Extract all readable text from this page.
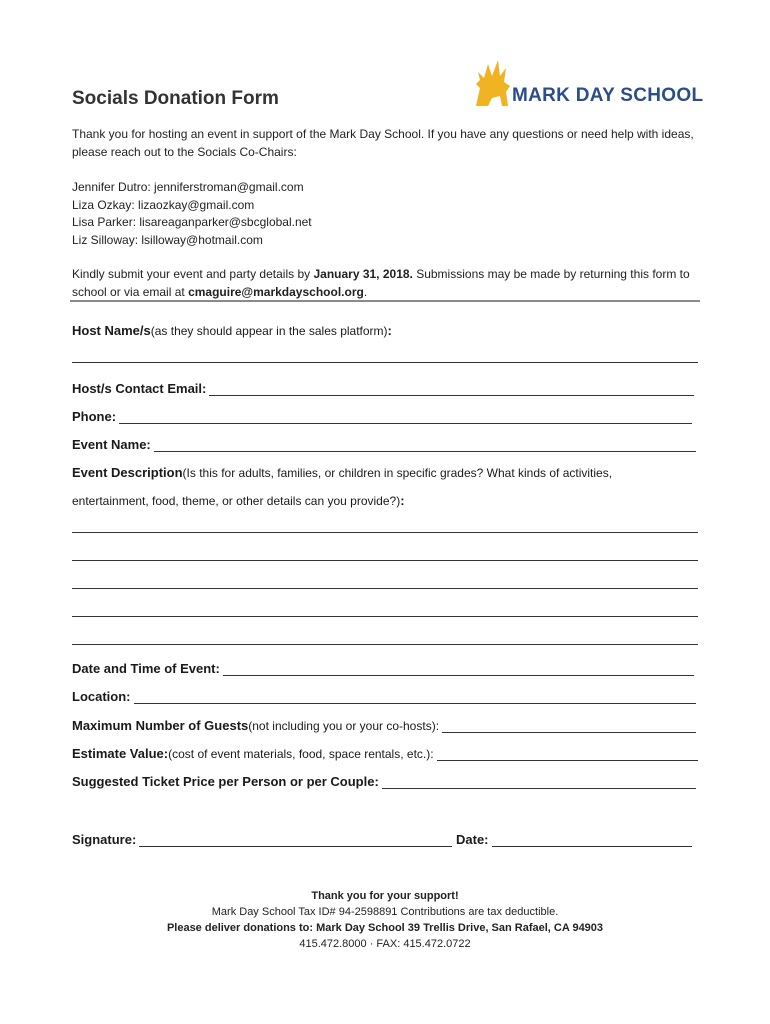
MARK DAY SCHOOL
Socials Donation Form
Thank you for hosting an event in support of the Mark Day School. If you have any questions or need help with ideas, please reach out to the Socials Co-Chairs:
Jennifer Dutro: jenniferstroman@gmail.com
Liza Ozkay: lizaozkay@gmail.com
Lisa Parker: lisareaganparker@sbcglobal.net
Liz Silloway: lsilloway@hotmail.com
Kindly submit your event and party details by January 31, 2018. Submissions may be made by returning this form to school or via email at cmaguire@markdayschool.org.
Host Name/s (as they should appear in the sales platform) :
Host/s Contact Email:
Phone:
Event Name:
Event Description (Is this for adults, families, or children in specific grades? What kinds of activities,
entertainment, food, theme, or other details can you provide?) :
Date and Time of Event:
Location:
Maximum Number of Guests (not including you or your co-hosts):
Estimate Value: (cost of event materials, food, space rentals, etc.):
Suggested Ticket Price per Person or per Couple:
Signature:	Date:
Thank you for your support!
Mark Day School Tax ID# 94-2598891 Contributions are tax deductible.
Please deliver donations to: Mark Day School 39 Trellis Drive, San Rafael, CA 94903
415.472.8000 · FAX: 415.472.0722
